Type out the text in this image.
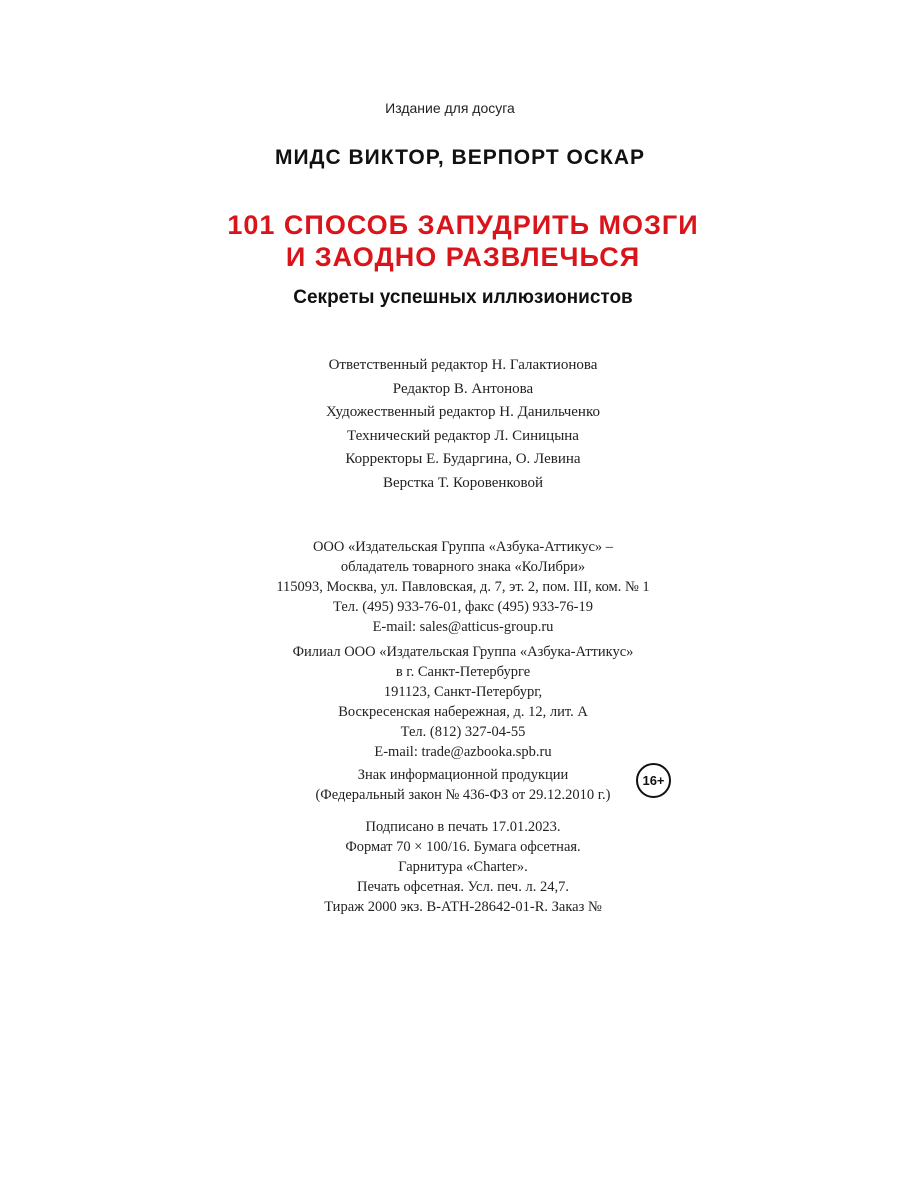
Издание для досуга
МИДС ВИКТОР, ВЕРПОРТ ОСКАР
101 СПОСОБ ЗАПУДРИТЬ МОЗГИ
И ЗАОДНО РАЗВЛЕЧЬСЯ
Секреты успешных иллюзионистов
Ответственный редактор Н. Галактионова
Редактор В. Антонова
Художественный редактор Н. Данильченко
Технический редактор Л. Синицына
Корректоры Е. Бударгина, О. Левина
Верстка Т. Коровенковой
ООО «Издательская Группа «Азбука-Аттикус» –
обладатель товарного знака «КоЛибри»
115093, Москва, ул. Павловская, д. 7, эт. 2, пом. III, ком. № 1
Тел. (495) 933-76-01, факс (495) 933-76-19
E-mail: sales@atticus-group.ru
Филиал ООО «Издательская Группа «Азбука-Аттикус»
в г. Санкт-Петербурге
191123, Санкт-Петербург,
Воскресенская набережная, д. 12, лит. А
Тел. (812) 327-04-55
E-mail: trade@azbooka.spb.ru
Знак информационной продукции
(Федеральный закон № 436-ФЗ от 29.12.2010 г.)
16+
Подписано в печать 17.01.2023.
Формат 70 × 100/16. Бумага офсетная.
Гарнитура «Charter».
Печать офсетная. Усл. печ. л. 24,7.
Тираж 2000 экз. В-АТН-28642-01-R. Заказ №
